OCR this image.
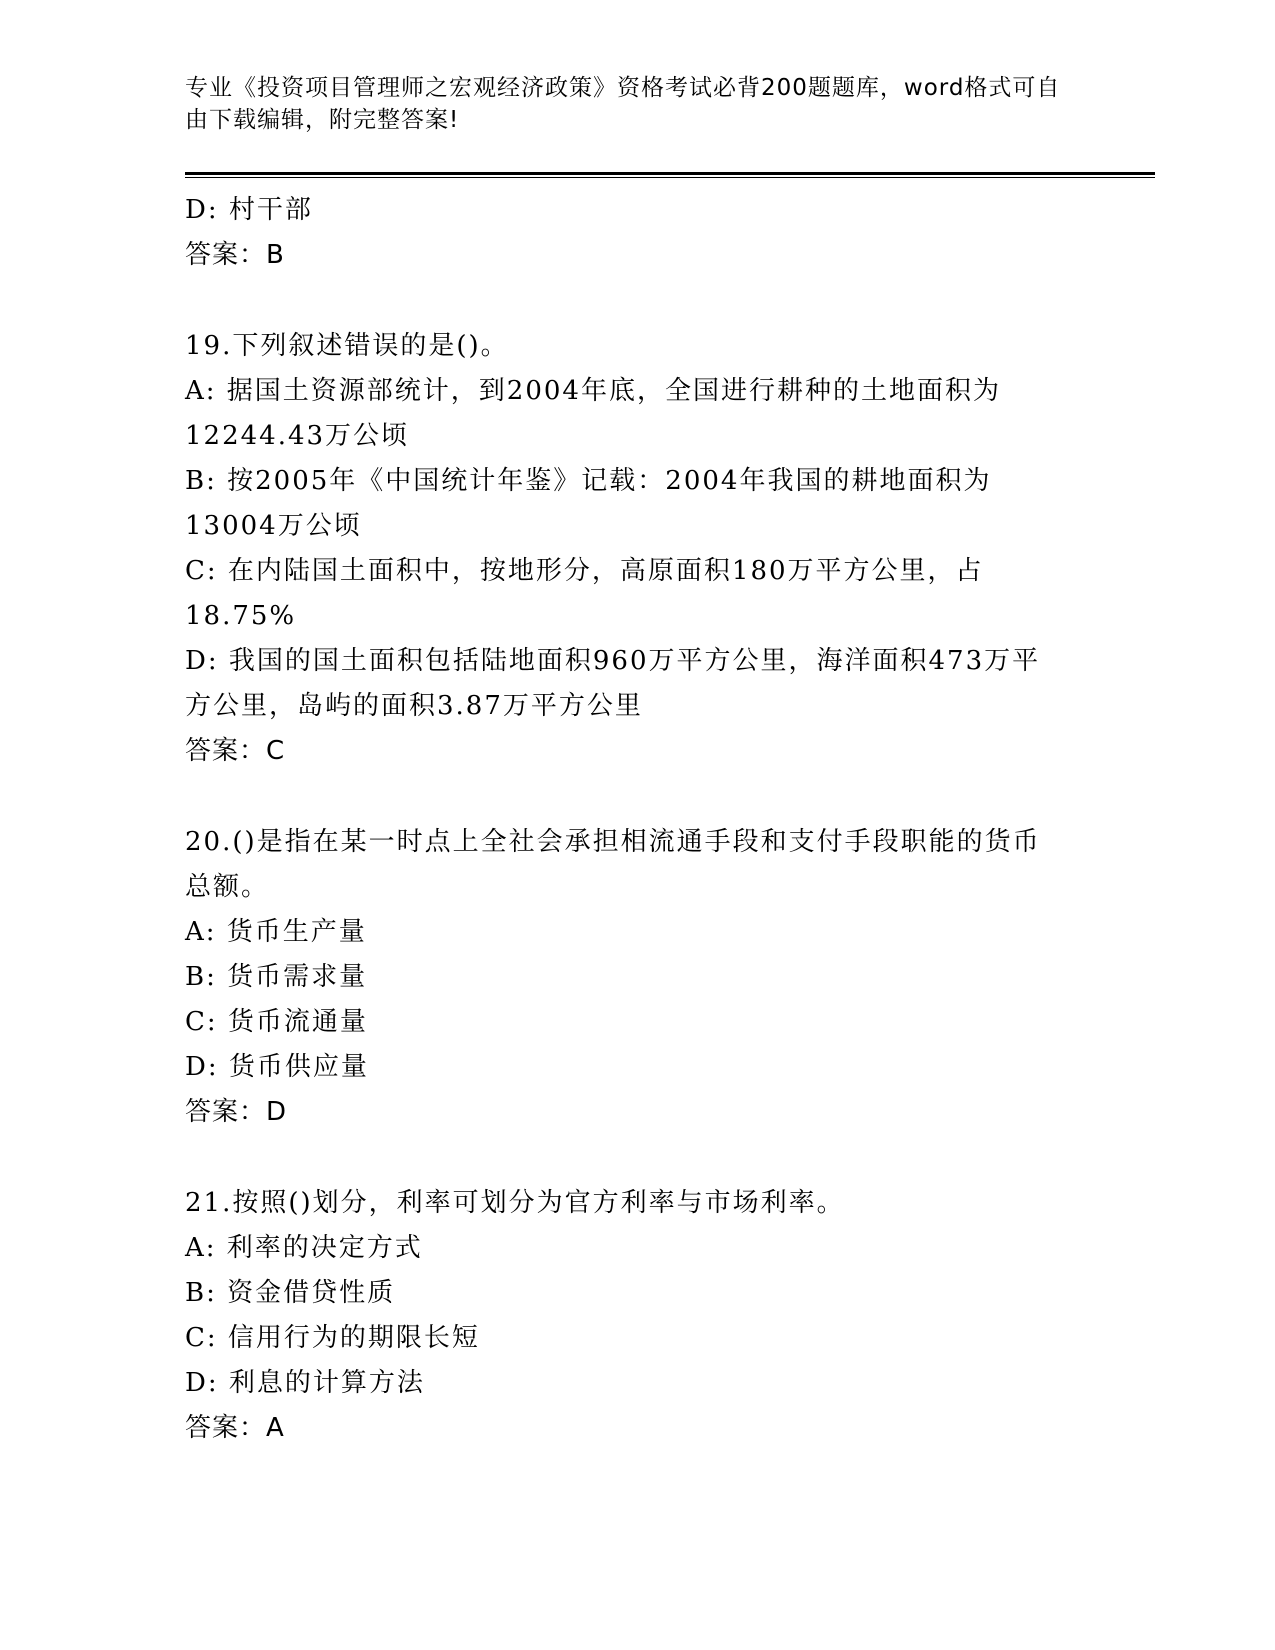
专业《投资项目管理师之宏观经济政策》资格考试必背200题题库，word格式可自由下载编辑，附完整答案!
D: 村干部
答案：B
19.下列叙述错误的是()。
A: 据国土资源部统计，到2004年底，全国进行耕种的土地面积为12244.43万公顷
B: 按2005年《中国统计年鉴》记载：2004年我国的耕地面积为13004万公顷
C: 在内陆国土面积中，按地形分，高原面积180万平方公里，占18.75%
D: 我国的国土面积包括陆地面积960万平方公里，海洋面积473万平方公里，岛屿的面积3.87万平方公里
答案：C
20.()是指在某一时点上全社会承担相流通手段和支付手段职能的货币总额。
A: 货币生产量
B: 货币需求量
C: 货币流通量
D: 货币供应量
答案：D
21.按照()划分，利率可划分为官方利率与市场利率。
A: 利率的决定方式
B: 资金借贷性质
C: 信用行为的期限长短
D: 利息的计算方法
答案：A
